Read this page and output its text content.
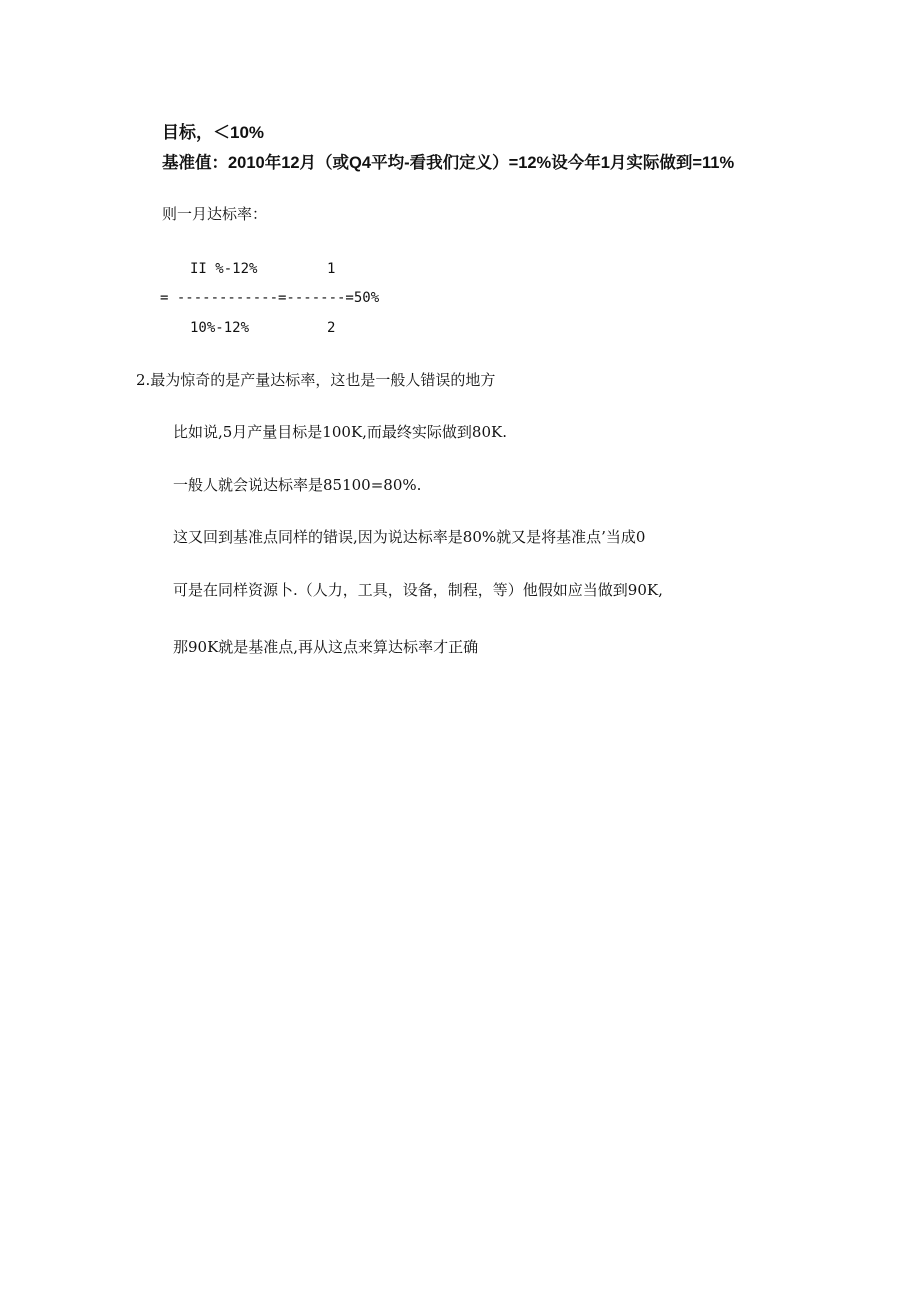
目标，＜10%
基准值：2010年12月（或Q4平均-看我们定义）=12%设今年1月实际做到=11%
则一月达标率：
II %-12%	1
= ------------=-------=50%
10%-12%	2
2.最为惊奇的是产量达标率，这也是一般人错误的地方
比如说,5月产量目标是100K,而最终实际做到80K.
一般人就会说达标率是85100=80%.
这又回到基准点同样的错误,因为说达标率是80%就又是将基准点’当成0
可是在同样资源卜.（人力，工具，设备，制程，等）他假如应当做到90K,
那90K就是基准点,再从这点来算达标率才正确
